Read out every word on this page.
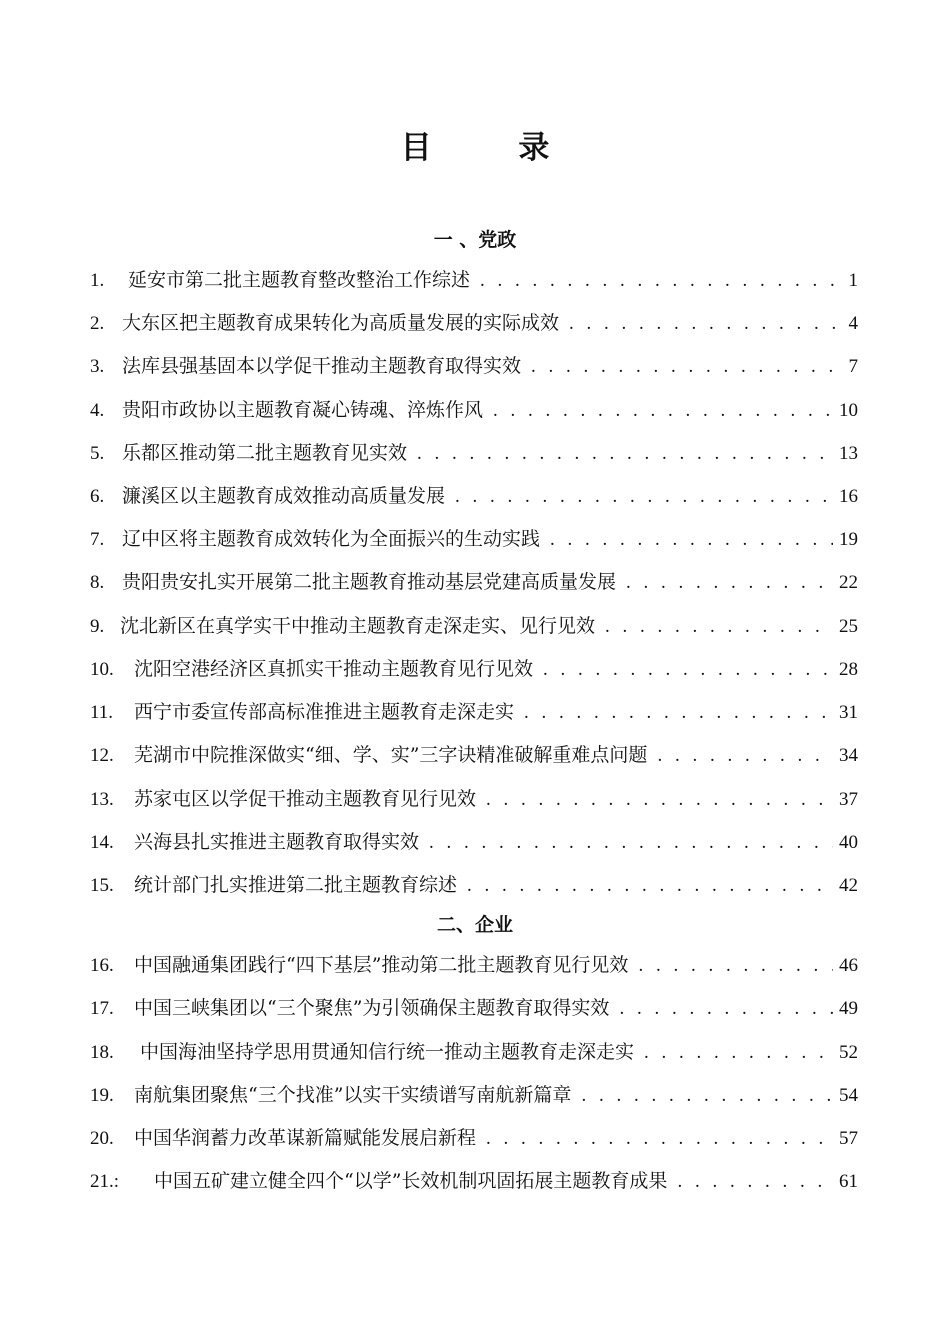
目 录
一 、党政
1.	延安市第二批主题教育整改整治工作综述 . . .	1
2. 大东区把主题教育成果转化为高质量发展的实际成效 . . .	4
3. 法库县强基固本以学促干推动主题教育取得实效 . . .	7
4. 贵阳市政协以主题教育凝心铸魂、淬炼作风 . . .	10
5. 乐都区推动第二批主题教育见实效 . . .	13
6. 濂溪区以主题教育成效推动高质量发展 . . .	16
7. 辽中区将主题教育成效转化为全面振兴的生动实践 . . .	19
8. 贵阳贵安扎实开展第二批主题教育推动基层党建高质量发展 . . .	22
9. 沈北新区在真学实干中推动主题教育走深走实、见行见效 . . .	25
10.	沈阳空港经济区真抓实干推动主题教育见行见效 . . .	28
11.	西宁市委宣传部高标准推进主题教育走深走实 . . .	31
12.	芜湖市中院推深做实“细、学、实”三字诀精准破解重难点问题 . . .	34
13.	苏家屯区以学促干推动主题教育见行见效 . . .	37
14.	兴海县扎实推进主题教育取得实效 . . .	40
15.	统计部门扎实推进第二批主题教育综述 . . .	42
二、企业
16.	中国融通集团践行“四下基层”推动第二批主题教育见行见效 . . .	46
17.	中国三峡集团以“三个聚焦”为引领确保主题教育取得实效 . . .	49
18.	中国海油坚持学思用贯通知信行统一推动主题教育走深走实 . . .	52
19.	南航集团聚焦“三个找准”以实干实绩谱写南航新篇章 . . .	54
20.	中国华润蓄力改革谋新篇赋能发展启新程 . . .	57
21.:	中国五矿建立健全四个“以学”长效机制巩固拓展主题教育成果 . . .	61
